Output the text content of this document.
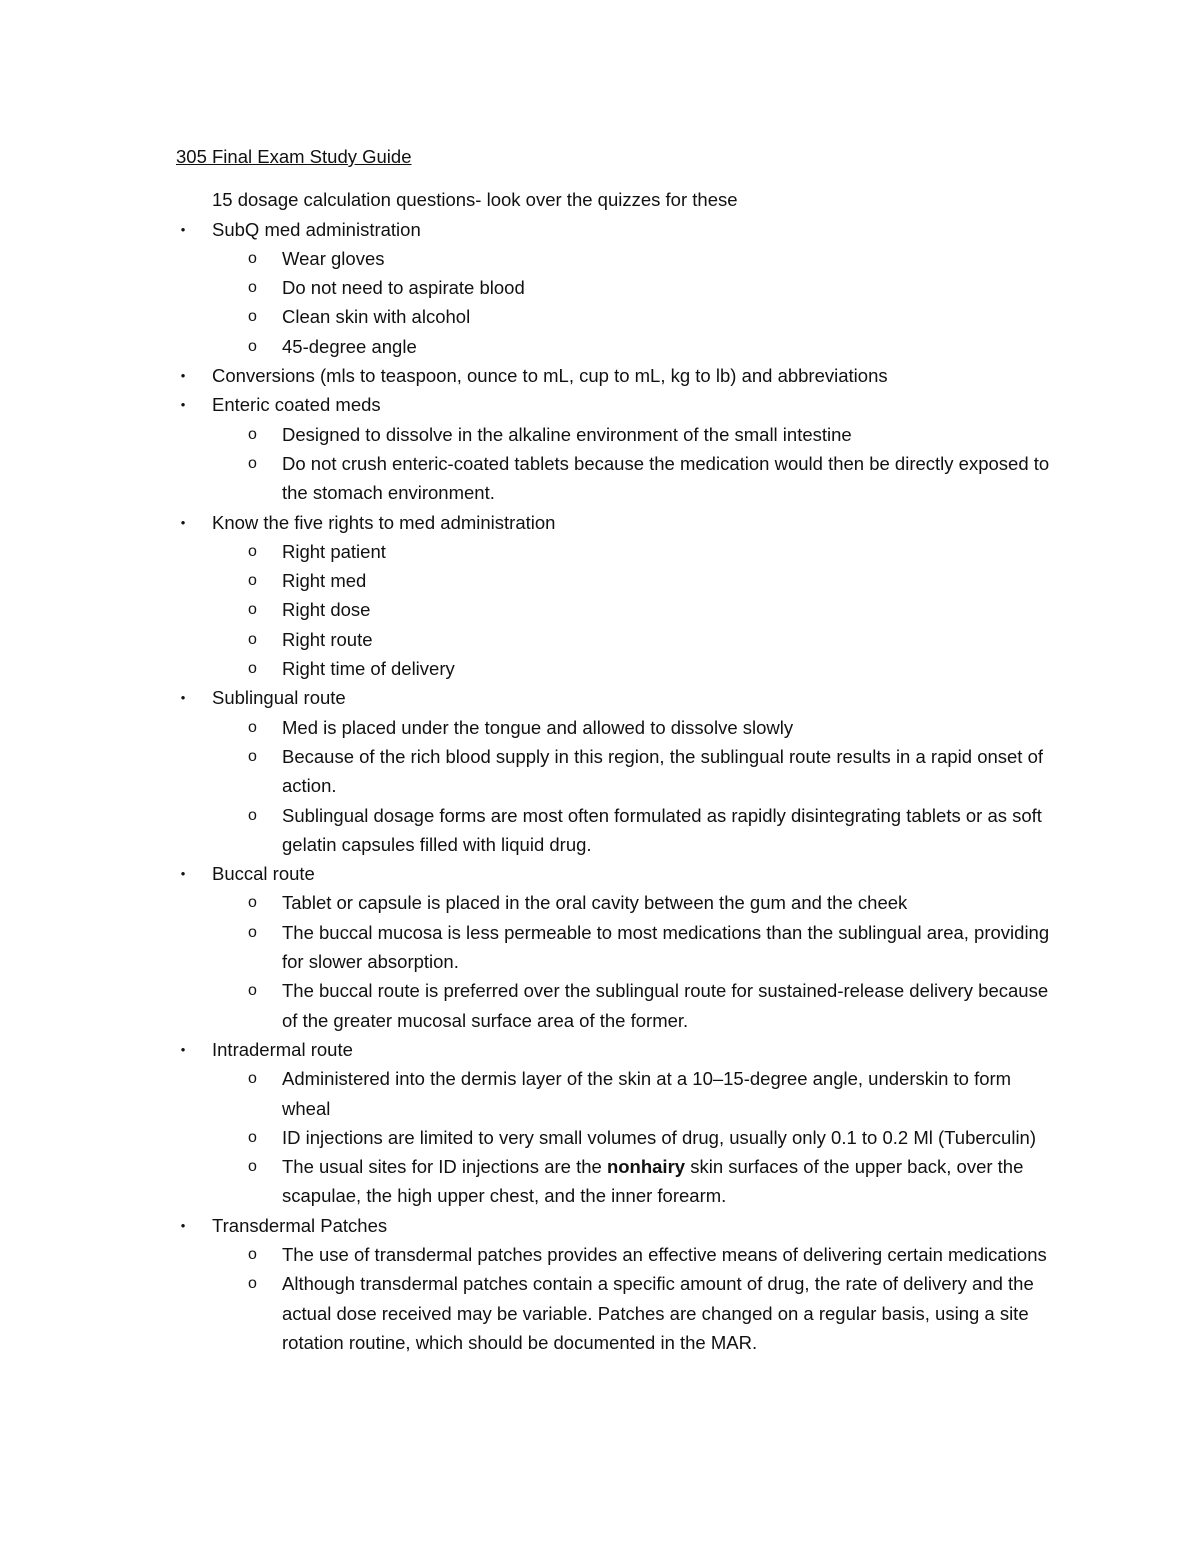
305 Final Exam Study Guide
15 dosage calculation questions- look over the quizzes for these
•	SubQ med administration
o Wear gloves
o Do not need to aspirate blood
o Clean skin with alcohol
o 45-degree angle
•	Conversions (mls to teaspoon, ounce to mL, cup to mL, kg to lb) and abbreviations
•	Enteric coated meds
o Designed to dissolve in the alkaline environment of the small intestine
o Do not crush enteric-coated tablets because the medication would then be directly exposed to the stomach environment.
•	Know the five rights to med administration
o Right patient
o Right med
o Right dose
o Right route
o Right time of delivery
•	Sublingual route
o Med is placed under the tongue and allowed to dissolve slowly
o Because of the rich blood supply in this region, the sublingual route results in a rapid onset of action.
o Sublingual dosage forms are most often formulated as rapidly disintegrating tablets or as soft gelatin capsules filled with liquid drug.
•	Buccal route
o Tablet or capsule is placed in the oral cavity between the gum and the cheek
o The buccal mucosa is less permeable to most medications than the sublingual area, providing for slower absorption.
o The buccal route is preferred over the sublingual route for sustained-release delivery because of the greater mucosal surface area of the former.
•	Intradermal route
o Administered into the dermis layer of the skin at a 10–15-degree angle, underskin to form wheal
o ID injections are limited to very small volumes of drug, usually only 0.1 to 0.2 Ml (Tuberculin)
o The usual sites for ID injections are the nonhairy skin surfaces of the upper back, over the scapulae, the high upper chest, and the inner forearm.
•	Transdermal Patches
o The use of transdermal patches provides an effective means of delivering certain medications
o Although transdermal patches contain a specific amount of drug, the rate of delivery and the actual dose received may be variable. Patches are changed on a regular basis, using a site rotation routine, which should be documented in the MAR.
